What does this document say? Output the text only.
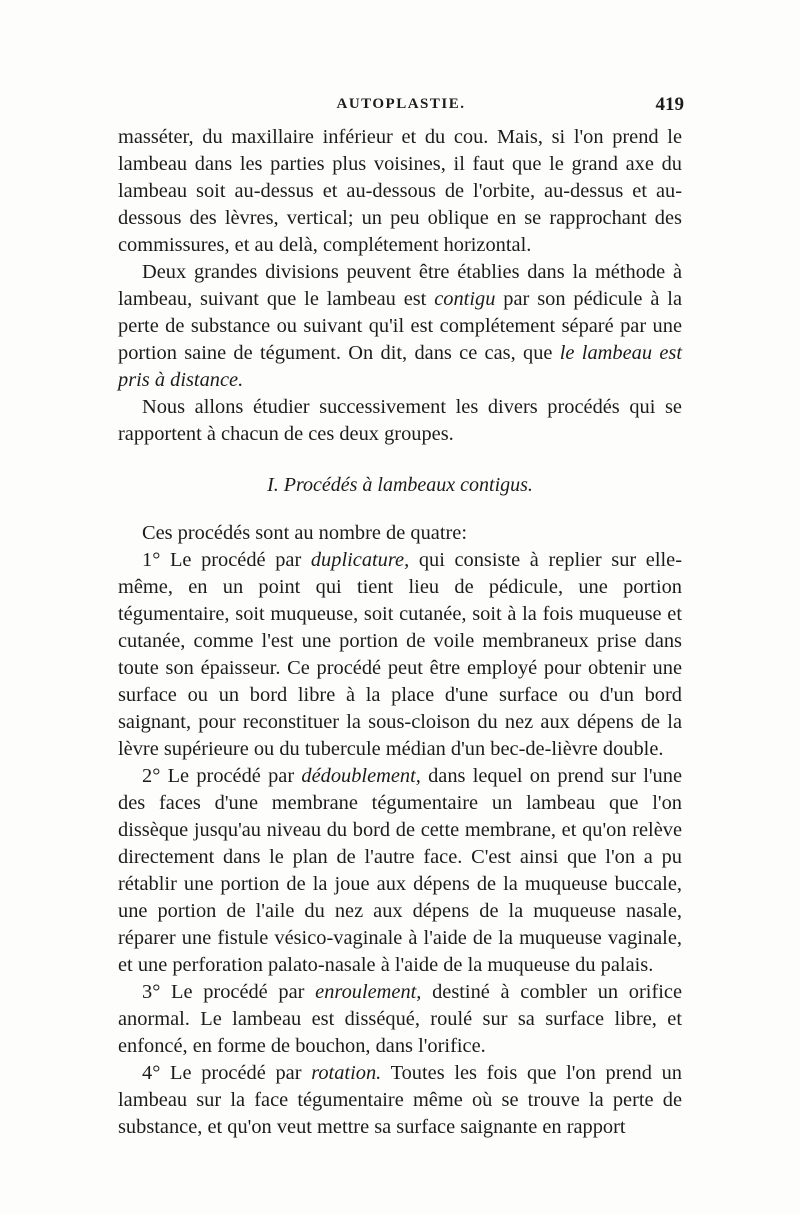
AUTOPLASTIE.	419

masséter, du maxillaire inférieur et du cou. Mais, si l'on prend le lambeau dans les parties plus voisines, il faut que le grand axe du lambeau soit au-dessus et au-dessous de l'orbite, au-dessus et au-dessous des lèvres, vertical; un peu oblique en se rapprochant des commissures, et au delà, complétement horizontal.

Deux grandes divisions peuvent être établies dans la méthode à lambeau, suivant que le lambeau est contigu par son pédicule à la perte de substance ou suivant qu'il est complétement séparé par une portion saine de tégument. On dit, dans ce cas, que le lambeau est pris à distance.

Nous allons étudier successivement les divers procédés qui se rapportent à chacun de ces deux groupes.

I. Procédés à lambeaux contigus.

Ces procédés sont au nombre de quatre:

1° Le procédé par duplicature, qui consiste à replier sur elle-même, en un point qui tient lieu de pédicule, une portion tégumentaire, soit muqueuse, soit cutanée, soit à la fois muqueuse et cutanée, comme l'est une portion de voile membraneux prise dans toute son épaisseur. Ce procédé peut être employé pour obtenir une surface ou un bord libre à la place d'une surface ou d'un bord saignant, pour reconstituer la sous-cloison du nez aux dépens de la lèvre supérieure ou du tubercule médian d'un bec-de-lièvre double.

2° Le procédé par dédoublement, dans lequel on prend sur l'une des faces d'une membrane tégumentaire un lambeau que l'on dissèque jusqu'au niveau du bord de cette membrane, et qu'on relève directement dans le plan de l'autre face. C'est ainsi que l'on a pu rétablir une portion de la joue aux dépens de la muqueuse buccale, une portion de l'aile du nez aux dépens de la muqueuse nasale, réparer une fistule vésico-vaginale à l'aide de la muqueuse vaginale, et une perforation palato-nasale à l'aide de la muqueuse du palais.

3° Le procédé par enroulement, destiné à combler un orifice anormal. Le lambeau est disséqué, roulé sur sa surface libre, et enfoncé, en forme de bouchon, dans l'orifice.

4° Le procédé par rotation. Toutes les fois que l'on prend un lambeau sur la face tégumentaire même où se trouve la perte de substance, et qu'on veut mettre sa surface saignante en rapport
